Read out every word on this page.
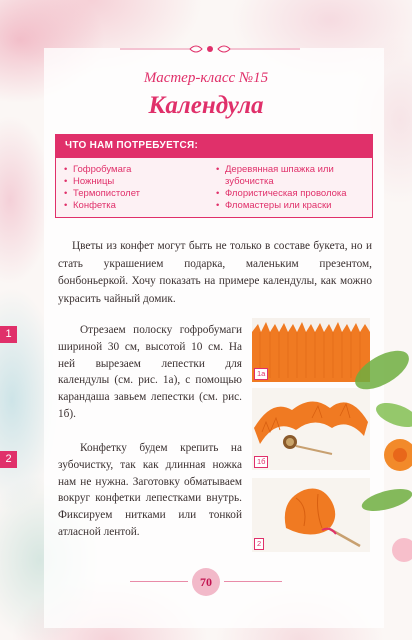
Мастер-класс №15
Календула
ЧТО НАМ ПОТРЕБУЕТСЯ:
• Гофробумага
• Ножницы
• Термопистолет
• Конфетка
• Деревянная шпажка или зубочистка
• Флористическая проволока
• Фломастеры или краски

Цветы из конфет могут быть не только в составе букета, но и стать украшением подарка, маленьким презентом, бонбоньеркой. Хочу показать на примере календулы, как можно украсить чайный домик.

1	Отрезаем полоску гофробумаги шириной 30 см, высотой 10 см. На ней вырезаем лепестки для календулы (см. рис. 1а), с помощью карандаша завьем лепестки (см. рис. 1б).

2

Конфетку будем крепить на зубочистку, так как длинная ножка нам не нужна. Заготовку обматываем вокруг конфетки лепестками внутрь. Фиксируем нитками или тонкой атласной лентой.

1а
1б
2
70
